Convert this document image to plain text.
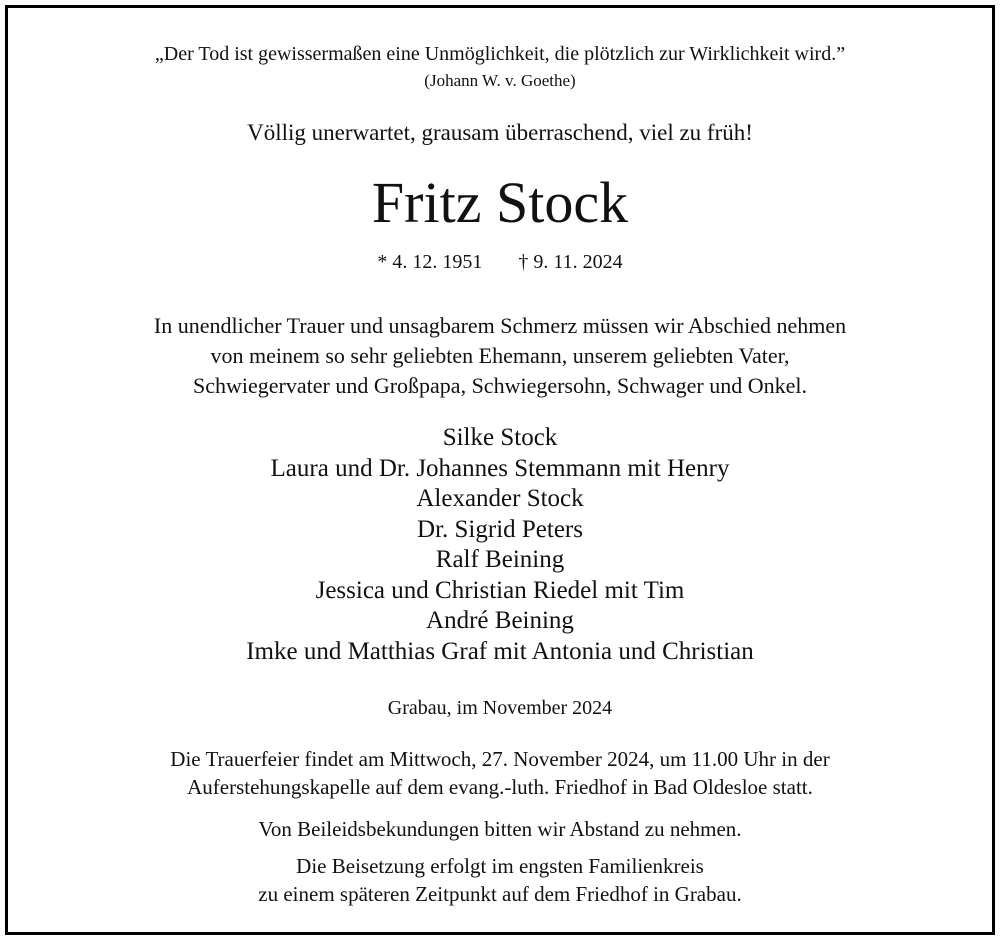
„Der Tod ist gewissermaßen eine Unmöglichkeit, die plötzlich zur Wirklichkeit wird.”
(Johann W. v. Goethe)
Völlig unerwartet, grausam überraschend, viel zu früh!
Fritz Stock
* 4. 12. 1951 † 9. 11. 2024
In unendlicher Trauer und unsagbarem Schmerz müssen wir Abschied nehmen
von meinem so sehr geliebten Ehemann, unserem geliebten Vater,
Schwiegervater und Großpapa, Schwiegersohn, Schwager und Onkel.
Silke Stock
Laura und Dr. Johannes Stemmann mit Henry
Alexander Stock
Dr. Sigrid Peters
Ralf Beining
Jessica und Christian Riedel mit Tim
André Beining
Imke und Matthias Graf mit Antonia und Christian
Grabau, im November 2024
Die Trauerfeier findet am Mittwoch, 27. November 2024, um 11.00 Uhr in der
Auferstehungskapelle auf dem evang.-luth. Friedhof in Bad Oldesloe statt.
Von Beileidsbekundungen bitten wir Abstand zu nehmen.
Die Beisetzung erfolgt im engsten Familienkreis
zu einem späteren Zeitpunkt auf dem Friedhof in Grabau.
